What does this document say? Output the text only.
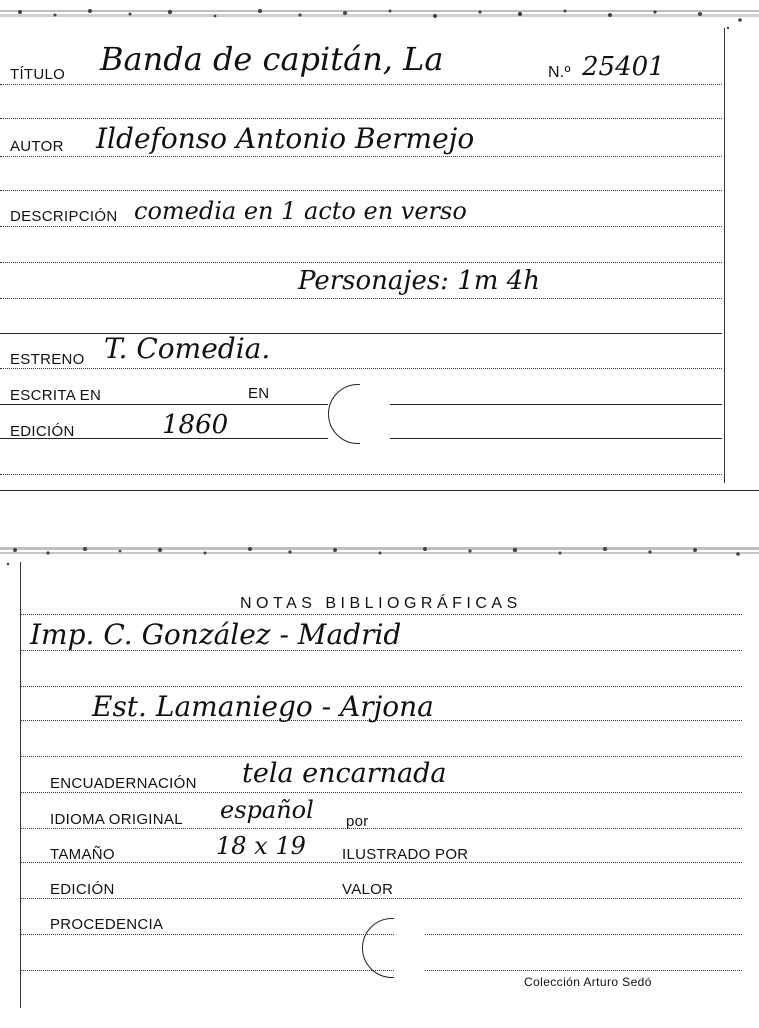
TÍTULO Banda de capitán, La	N.º 25401
AUTOR Ildefonso Antonio Bermejo
DESCRIPCIÓN comedia en 1 acto en verso
Personajes: 1m 4h
ESTRENO T. Comedia.
ESCRITA EN	EN
EDICIÓN	1860
NOTAS BIBLIOGRÁFICAS
Imp. C. González - Madrid
Est. Lamaniego - Arjona
ENCUADERNACIÓN tela encarnada
IDIOMA ORIGINAL español por
TAMAÑO	18 x 19 ILUSTRADO POR
EDICIÓN	VALOR
PROCEDENCIA
Colección Arturo Sedó
